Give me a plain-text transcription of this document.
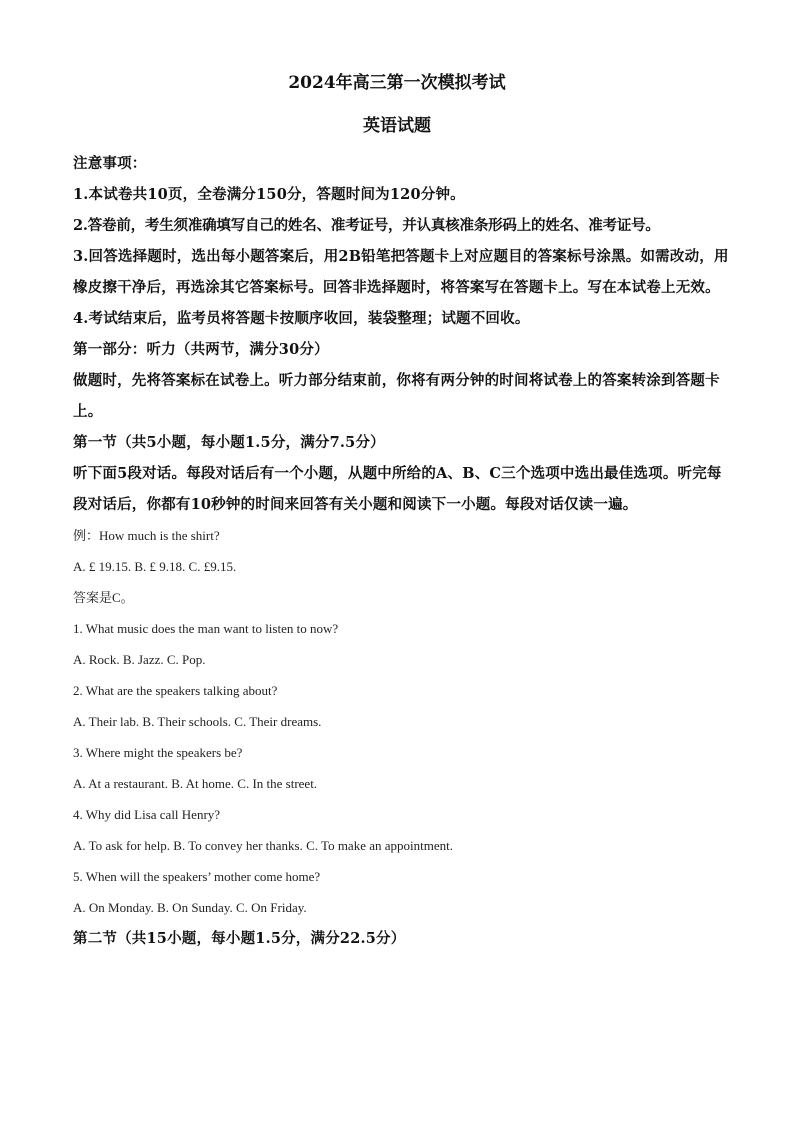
2024年高三第一次模拟考试
英语试题

注意事项：

1.本试卷共10页，全卷满分150分，答题时间为120分钟。

2.答卷前，考生须准确填写自己的姓名、准考证号，并认真核准条形码上的姓名、准考证号。

3.回答选择题时，选出每小题答案后，用2B铅笔把答题卡上对应题目的答案标号涂黑。如需改动，用橡皮擦干净后，再选涂其它答案标号。回答非选择题时，将答案写在答题卡上。写在本试卷上无效。

4.考试结束后，监考员将答题卡按顺序收回，装袋整理；试题不回收。

第一部分：听力（共两节，满分30分）

做题时，先将答案标在试卷上。听力部分结束前，你将有两分钟的时间将试卷上的答案转涂到答题卡上。

第一节（共5小题，每小题1.5分，满分7.5分）

听下面5段对话。每段对话后有一个小题，从题中所给的A、B、C三个选项中选出最佳选项。听完每段对话后，你都有10秒钟的时间来回答有关小题和阅读下一小题。每段对话仅读一遍。

例：How much is the shirt?

A. £ 19.15. B. £ 9.18. C. £9.15.

答案是C。

1. What music does the man want to listen to now?

A. Rock. B. Jazz. C. Pop.

2. What are the speakers talking about?

A. Their lab. B. Their schools. C. Their dreams.

3. Where might the speakers be?

A. At a restaurant. B. At home. C. In the street.

4. Why did Lisa call Henry?

A. To ask for help. B. To convey her thanks. C. To make an appointment.

5. When will the speakers’ mother come home?

A. On Monday. B. On Sunday. C. On Friday.

第二节（共15小题，每小题1.5分，满分22.5分）
